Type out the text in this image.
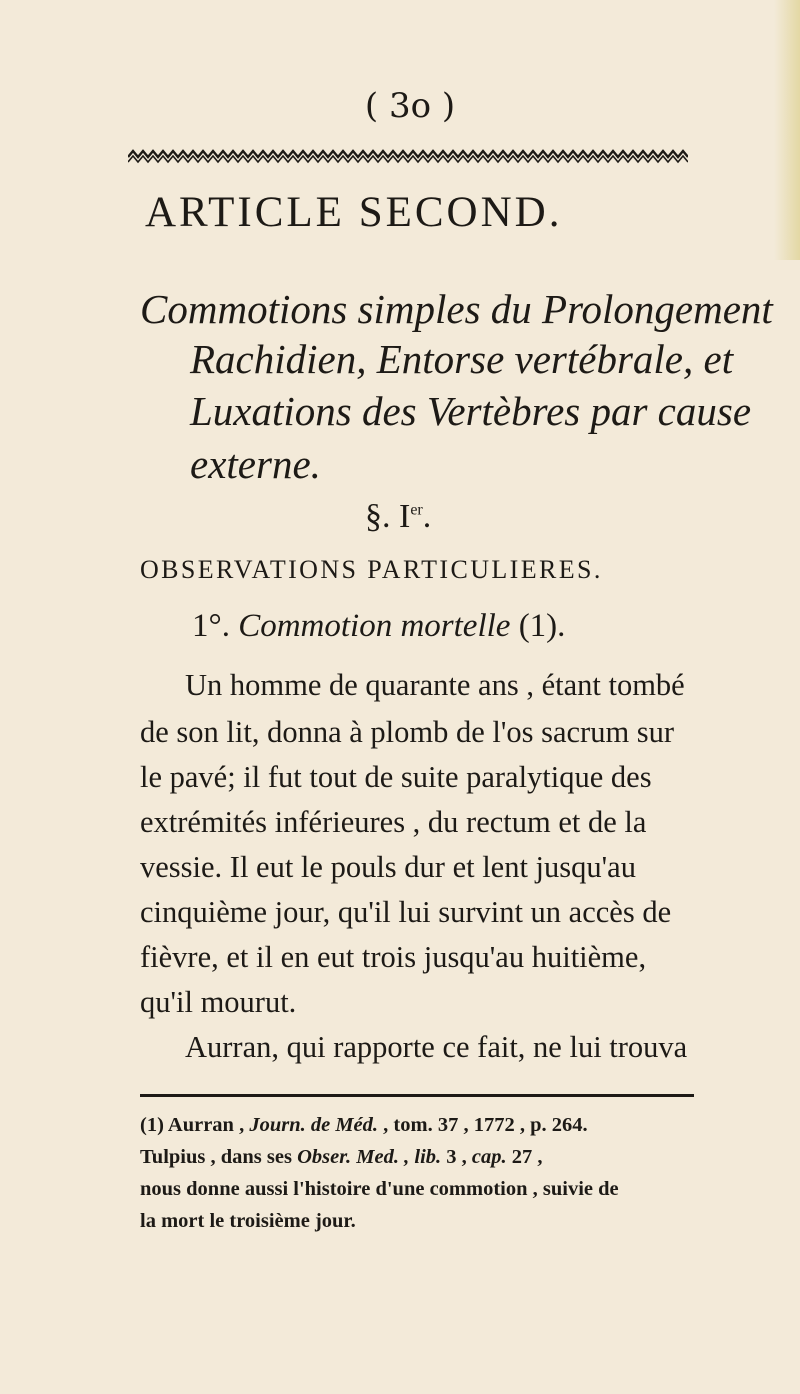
( 3o )
ARTICLE SECOND.
Commotions simples du Prolongement
Rachidien, Entorse vertébrale, et
Luxations des Vertèbres par cause
externe.
§. Ier.
OBSERVATIONS PARTICULIERES.
1°. Commotion mortelle (1).
Un homme de quarante ans , étant tombé
de son lit, donna à plomb de l'os sacrum sur
le pavé; il fut tout de suite paralytique des
extrémités inférieures , du rectum et de la
vessie. Il eut le pouls dur et lent jusqu'au
cinquième jour, qu'il lui survint un accès de
fièvre, et il en eut trois jusqu'au huitième,
qu'il mourut.
Aurran, qui rapporte ce fait, ne lui trouva
(1) Aurran , Journ. de Méd. , tom. 37 , 1772 , p. 264.
Tulpius , dans ses Obser. Med. , lib. 3 , cap. 27 ,
nous donne aussi l'histoire d'une commotion , suivie de
la mort le troisième jour.
